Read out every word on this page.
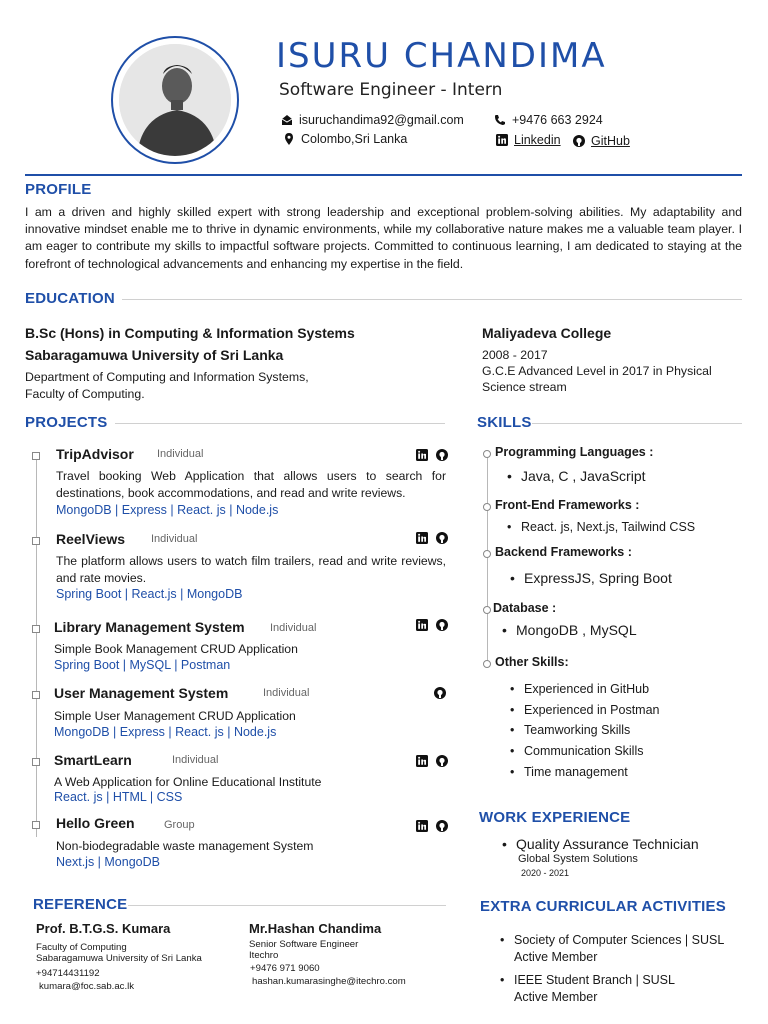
ISURU CHANDIMA
Software Engineer - Intern
isuruchandima92@gmail.com	+9476 663 2924
Colombo,Sri Lanka	Linkedin GitHub
PROFILE
I am a driven and highly skilled expert with strong leadership and exceptional problem-solving abilities. My adaptability and innovative mindset enable me to thrive in dynamic environments, while my collaborative nature makes me a valuable team player. I am eager to contribute my skills to impactful software projects. Committed to continuous learning, I am dedicated to staying at the forefront of technological advancements and enhancing my expertise in the field.
EDUCATION
B.Sc (Hons) in Computing & Information Systems
Sabaragamuwa University of Sri Lanka
Department of Computing and Information Systems,
Faculty of Computing.
Maliyadeva College
2008 - 2017
G.C.E Advanced Level in 2017 in Physical
Science stream
PROJECTS
TripAdvisor Individual
Travel booking Web Application that allows users to search for destinations, book accommodations, and read and write reviews.
MongoDB | Express | React. js | Node.js
ReelViews Individual
The platform allows users to watch film trailers, read and write reviews, and rate movies.
Spring Boot | React.js | MongoDB
Library Management System Individual
Simple Book Management CRUD Application
Spring Boot | MySQL | Postman
User Management System	Individual
Simple User Management CRUD Application
MongoDB | Express | React. js | Node.js
SmartLearn	Individual
A Web Application for Online Educational Institute
React. js | HTML | CSS
Hello Green	Group
Non-biodegradable waste management System
Next.js | MongoDB
SKILLS
Programming Languages :
• Java, C , JavaScript
Front-End Frameworks :
• React. js, Next.js, Tailwind CSS
Backend Frameworks :
• ExpressJS, Spring Boot
Database :
• MongoDB , MySQL
Other Skills:
• Experienced in GitHub
• Experienced in Postman
• Teamworking Skills
• Communication Skills
• Time management
WORK EXPERIENCE
• Quality Assurance Technician
Global System Solutions
2020 - 2021
EXTRA CURRICULAR ACTIVITIES
• Society of Computer Sciences | SUSL
Active Member
• IEEE Student Branch | SUSL
Active Member
REFERENCE
Prof. B.T.G.S. Kumara
Faculty of Computing
Sabaragamuwa University of Sri Lanka
+94714431192
kumara@foc.sab.ac.lk
Mr.Hashan Chandima
Senior Software Engineer
Itechro
+9476 971 9060
hashan.kumarasinghe@itechro.com
